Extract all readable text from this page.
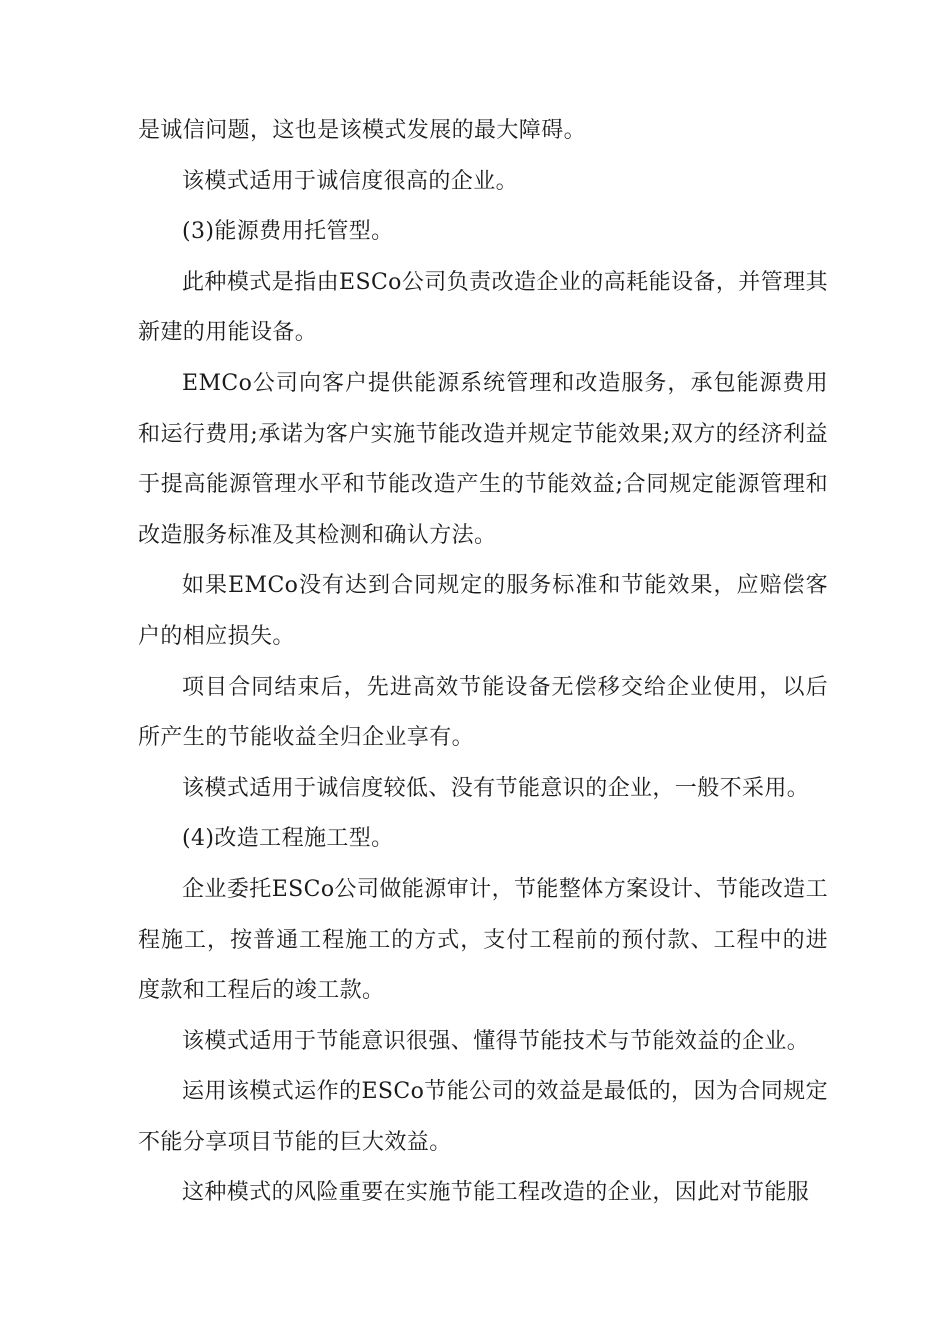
是诚信问题，这也是该模式发展的最大障碍。

该模式适用于诚信度很高的企业。

(3)能源费用托管型。

此种模式是指由ESCo公司负责改造企业的高耗能设备，并管理其新建的用能设备。

EMCo公司向客户提供能源系统管理和改造服务，承包能源费用和运行费用;承诺为客户实施节能改造并规定节能效果;双方的经济利益于提高能源管理水平和节能改造产生的节能效益;合同规定能源管理和改造服务标准及其检测和确认方法。

如果EMCo没有达到合同规定的服务标准和节能效果，应赔偿客户的相应损失。

项目合同结束后，先进高效节能设备无偿移交给企业使用，以后所产生的节能收益全归企业享有。

该模式适用于诚信度较低、没有节能意识的企业，一般不采用。

(4)改造工程施工型。

企业委托ESCo公司做能源审计，节能整体方案设计、节能改造工程施工，按普通工程施工的方式，支付工程前的预付款、工程中的进度款和工程后的竣工款。

该模式适用于节能意识很强、懂得节能技术与节能效益的企业。

运用该模式运作的ESCo节能公司的效益是最低的，因为合同规定不能分享项目节能的巨大效益。

这种模式的风险重要在实施节能工程改造的企业，因此对节能服
